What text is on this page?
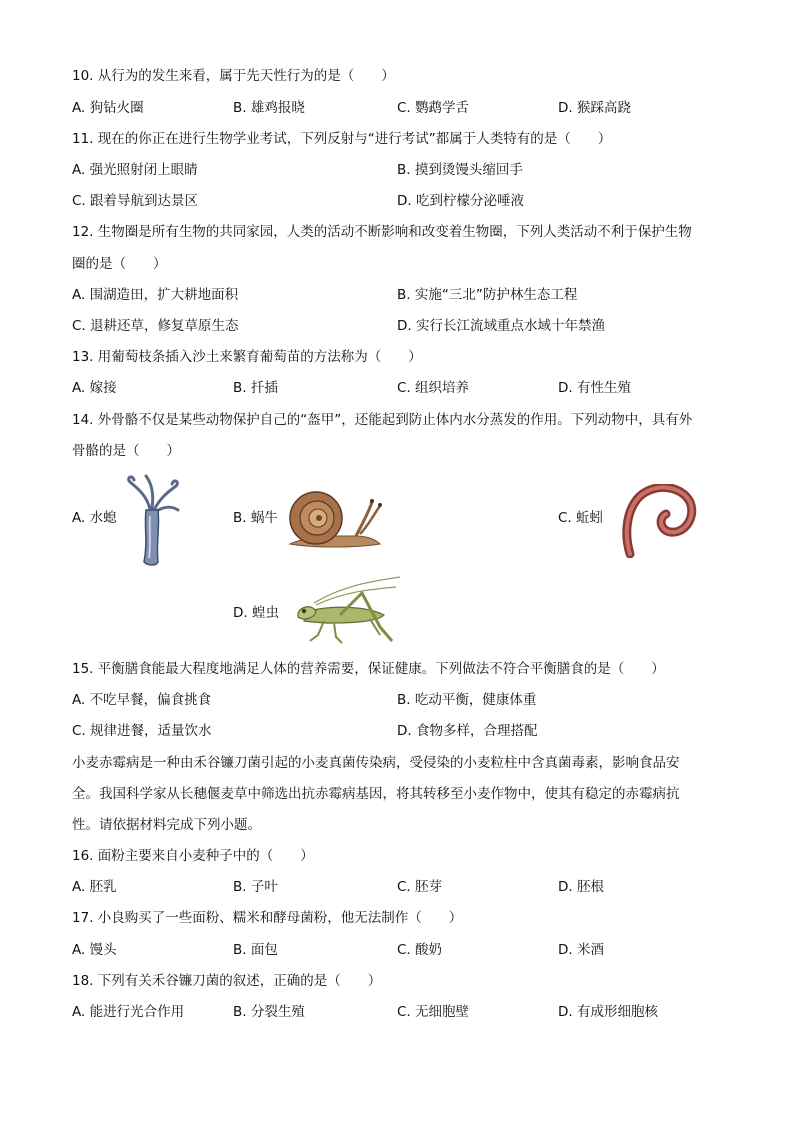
10. 从行为的发生来看，属于先天性行为的是（　　）
A. 狗钻火圈	B. 雄鸡报晓	C. 鹦鹉学舌	D. 猴踩高跷
11. 现在的你正在进行生物学业考试，下列反射与“进行考试”都属于人类特有的是（　　）
A. 强光照射闭上眼睛	B. 摸到烫馒头缩回手
C. 跟着导航到达景区	D. 吃到柠檬分泌唾液
12. 生物圈是所有生物的共同家园，人类的活动不断影响和改变着生物圈，下列人类活动不利于保护生物
圈的是（　　）
A. 围湖造田，扩大耕地面积	B. 实施“三北”防护林生态工程
C. 退耕还草，修复草原生态	D. 实行长江流域重点水域十年禁渔
13. 用葡萄枝条插入沙土来繁育葡萄苗的方法称为（　　）
A. 嫁接	B. 扦插	C. 组织培养	D. 有性生殖
14. 外骨骼不仅是某些动物保护自己的“盔甲”，还能起到防止体内水分蒸发的作用。下列动物中，具有外
骨骼的是（　　）
A. 水螅	B. 蜗牛	C. 蚯蚓
D. 蝗虫
15. 平衡膳食能最大程度地满足人体的营养需要，保证健康。下列做法不符合平衡膳食的是（　　）
A. 不吃早餐，偏食挑食	B. 吃动平衡，健康体重
C. 规律进餐，适量饮水	D. 食物多样，合理搭配
小麦赤霉病是一种由禾谷镰刀菌引起的小麦真菌传染病，受侵染的小麦粒柱中含真菌毒素，影响食品安
全。我国科学家从长穗偃麦草中筛选出抗赤霉病基因，将其转移至小麦作物中，使其有稳定的赤霉病抗
性。请依据材料完成下列小题。
16. 面粉主要来自小麦种子中的（　　）
A. 胚乳	B. 子叶	C. 胚芽	D. 胚根
17. 小良购买了一些面粉、糯米和酵母菌粉，他无法制作（　　）
A. 馒头	B. 面包	C. 酸奶	D. 米酒
18. 下列有关禾谷镰刀菌的叙述，正确的是（　　）
A. 能进行光合作用	B. 分裂生殖	C. 无细胞壁	D. 有成形细胞核
